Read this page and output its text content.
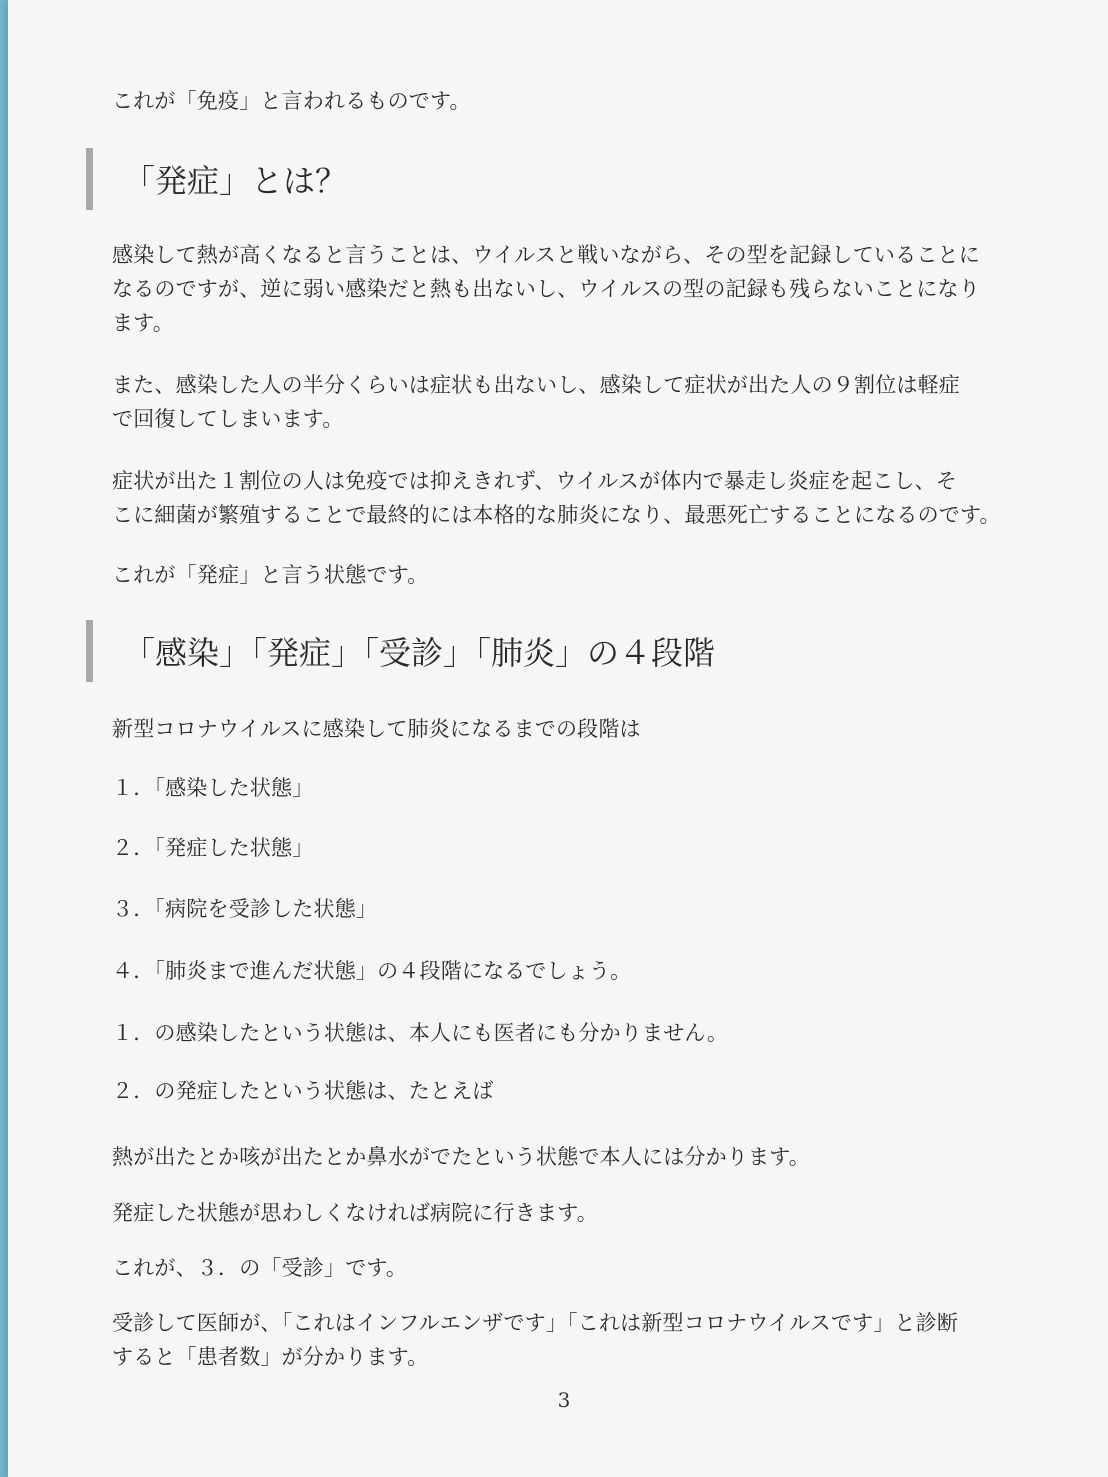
これが「免疫」と言われるものです。
「発症」とは？
感染して熱が高くなると言うことは、ウイルスと戦いながら、その型を記録していることに
なるのですが、逆に弱い感染だと熱も出ないし、ウイルスの型の記録も残らないことになり
ます。
また、感染した人の半分くらいは症状も出ないし、感染して症状が出た人の９割位は軽症
で回復してしまいます。
症状が出た１割位の人は免疫では抑えきれず、ウイルスが体内で暴走し炎症を起こし、そ
こに細菌が繁殖することで最終的には本格的な肺炎になり、最悪死亡することになるのです。
これが「発症」と言う状態です。
「感染」「発症」「受診」「肺炎」の４段階
新型コロナウイルスに感染して肺炎になるまでの段階は
１．「感染した状態」
２．「発症した状態」
３．「病院を受診した状態」
４．「肺炎まで進んだ状態」の４段階になるでしょう。
１．の感染したという状態は、本人にも医者にも分かりません。
２．の発症したという状態は、たとえば
熱が出たとか咳が出たとか鼻水がでたという状態で本人には分かります。
発症した状態が思わしくなければ病院に行きます。
これが、３．の「受診」です。
受診して医師が、「これはインフルエンザです」「これは新型コロナウイルスです」と診断
すると「患者数」が分かります。
3
